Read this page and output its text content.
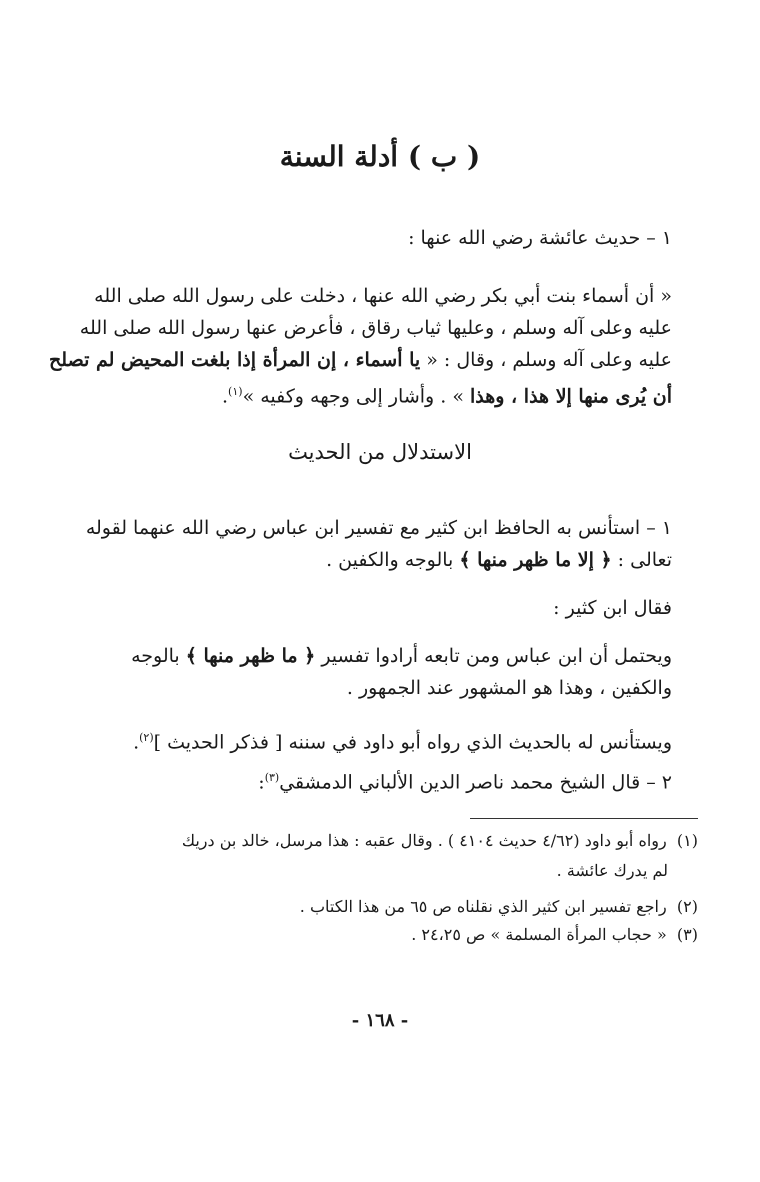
( ب ) أدلة السنة
١ – حديث عائشة رضي الله عنها :
« أن أسماء بنت أبي بكر رضي الله عنها ، دخلت على رسول الله صلى الله
عليه وعلى آله وسلم ، وعليها ثياب رقاق ، فأعرض عنها رسول الله صلى الله
عليه وعلى آله وسلم ، وقال : « يا أسماء ، إن المرأة إذا بلغت المحيض لم تصلح
أن يُرى منها إلا هذا ، وهذا » . وأشار إلى وجهه وكفيه »$^{(١)}$.
الاستدلال من الحديث
١ – استأنس به الحافظ ابن كثير مع تفسير ابن عباس رضي الله عنهما لقوله
تعالى : ﴿ إلا ما ظهر منها ﴾ بالوجه والكفين .
فقال ابن كثير :
ويحتمل أن ابن عباس ومن تابعه أرادوا تفسير ﴿ ما ظهر منها ﴾ بالوجه
والكفين ، وهذا هو المشهور عند الجمهور .
ويستأنس له بالحديث الذي رواه أبو داود في سننه [ فذكر الحديث ]$^{(٢)}$.
٢ – قال الشيخ محمد ناصر الدين الألباني الدمشقي$^{(٣)}$:
(١)  رواه أبو داود (٤/٦٢ حديث ٤١٠٤ ) . وقال عقبه : هذا مرسل، خالد بن دريك
لم يدرك عائشة .
(٢)  راجع تفسير ابن كثير الذي نقلناه ص ٦٥ من هذا الكتاب .
(٣)  « حجاب المرأة المسلمة » ص ٢٤،٢٥ .
- ١٦٨ -
